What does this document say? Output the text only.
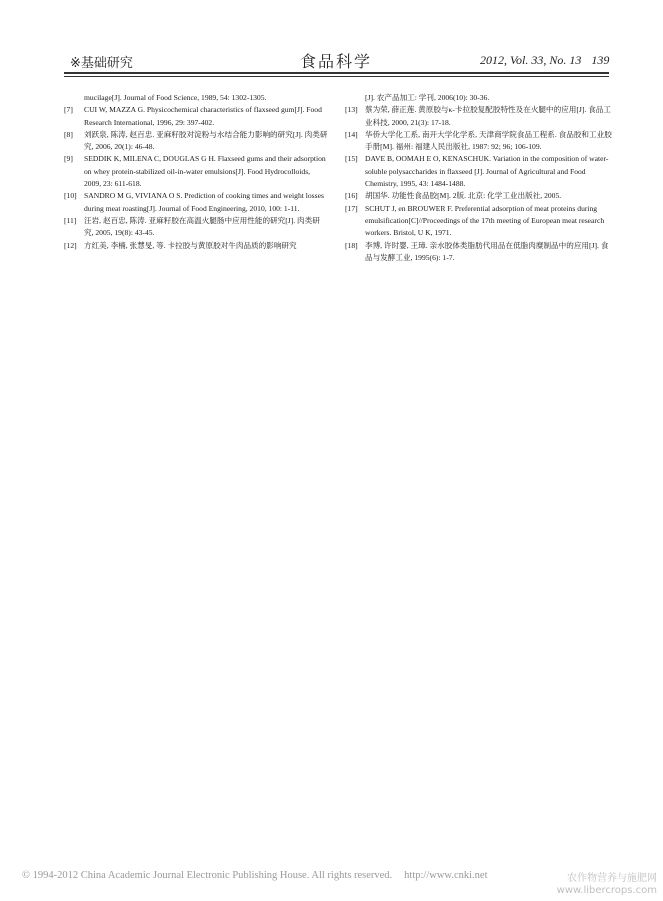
※基础研究	食品科学	2012, Vol. 33, No. 13 139

mucilage[J]. Journal of Food Science, 1989, 54: 1302-1305.

[7] CUI W, MAZZA G. Physicochemical characteristics of flaxseed gum[J]. Food Research International, 1996, 29: 397-402.

[8] 刘跃泉, 陈涛, 赵百忠. 亚麻籽胶对淀粉与水结合能力影响的研究[J]. 肉类研究, 2006, 20(1): 46-48.

[9] SEDDIK K, MILENA C, DOUGLAS G H. Flaxseed gums and their adsorption on whey protein-stabilized oil-in-water emulsions[J]. Food Hydrocolloids, 2009, 23: 611-618.

[10] SANDRO M G, VIVIANA O S. Prediction of cooking times and weight losses during meat roasting[J]. Journal of Food Engineering, 2010, 100: 1-11.

[11] 汪岩, 赵百忠, 陈涛. 亚麻籽胶在高温火腿肠中应用性能的研究[J]. 肉类研究, 2005, 19(8): 43-45.

[12] 方红美, 李楠, 张慧旻, 等. 卡拉胶与黄原胶对牛肉品质的影响研究

[J]. 农产品加工: 学刊, 2006(10): 30-36.

[13] 蔡为荣, 薛正莲. 黄原胶与κ-卡拉胶复配胶特性及在火腿中的应用[J]. 食品工业科技, 2000, 21(3): 17-18.

[14] 华侨大学化工系, 南开大学化学系, 天津商学院食品工程系. 食品胶和工业胶手册[M]. 福州: 福建人民出版社, 1987: 92; 96; 106-109.

[15] DAVE B, OOMAH E O, KENASCHUK. Variation in the composition of water-soluble polysaccharides in flaxseed [J]. Journal of Agricultural and Food Chemistry, 1995, 43: 1484-1488.

[16] 胡国华. 功能性食品胶[M]. 2版. 北京: 化学工业出版社, 2005.

[17] SCHUT J, en BROUWER F. Preferential adsorption of meat proteins during emulsification[C]//Proceedings of the 17th meeting of European meat research workers. Bristol, U K, 1971.

[18] 李博, 许时婴, 王璋. 亲水胶体类脂肪代用品在低脂肉糜制品中的应用[J]. 食品与发酵工业, 1995(6): 1-7.

© 1994-2012 China Academic Journal Electronic Publishing House. All rights reserved. http://www.cnki.net	农作物营养与施肥网
www.libercrops.com
